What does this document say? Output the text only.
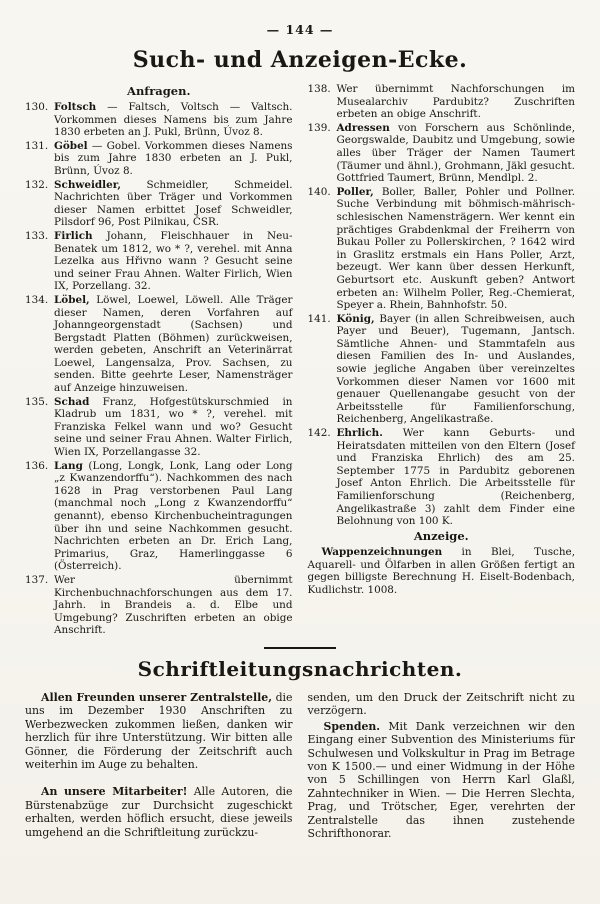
— 144 —
Such- und Anzeigen-Ecke.
Anfragen.
130. Foltsch — Faltsch, Voltsch — Valtsch. Vorkommen dieses Namens bis zum Jahre 1830 erbeten an J. Pukl, Brünn, Úvoz 8.
131. Göbel — Gobel. Vorkommen dieses Namens bis zum Jahre 1830 erbeten an J. Pukl, Brünn, Úvoz 8.
132. Schweidler, Schmeidler, Schmeidel. Nachrichten über Träger und Vorkommen dieser Namen erbittet Josef Schweidler, Pilsdorf 96, Post Pilnikau, ČSR.
133. Firlich Johann, Fleischhauer in Neu-Benatek um 1812, wo * ?, verehel. mit Anna Lezelka aus Hřivno wann ? Gesucht seine und seiner Frau Ahnen. Walter Firlich, Wien IX, Porzellang. 32.
134. Löbel, Löwel, Loewel, Löwell. Alle Träger dieser Namen, deren Vorfahren auf Johanngeorgenstadt (Sachsen) und Bergstadt Platten (Böhmen) zurückweisen, werden gebeten, Anschrift an Veterinärrat Loewel, Langensalza, Prov. Sachsen, zu senden. Bitte geehrte Leser, Namensträger auf Anzeige hinzuweisen.
135. Schad Franz, Hofgestütskurschmied in Kladrub um 1831, wo * ?, verehel. mit Franziska Felkel wann und wo? Gesucht seine und seiner Frau Ahnen. Walter Firlich, Wien IX, Porzellangasse 32.
136. Lang (Long, Longk, Lonk, Lang oder Long „z Kwanzendorffu“). Nachkommen des nach 1628 in Prag verstorbenen Paul Lang (manchmal noch „Long z Kwanzendorffu“ genannt), ebenso Kirchenbucheintragungen über ihn und seine Nachkommen gesucht. Nachrichten erbeten an Dr. Erich Lang, Primarius, Graz, Hamerlinggasse 6 (Österreich).
137. Wer übernimmt Kirchenbuchnachforschungen aus dem 17. Jahrh. in Brandeis a. d. Elbe und Umgebung? Zuschriften erbeten an obige Anschrift.
138. Wer übernimmt Nachforschungen im Musealarchiv Pardubitz? Zuschriften erbeten an obige Anschrift.
139. Adressen von Forschern aus Schönlinde, Georgswalde, Daubitz und Umgebung, sowie alles über Träger der Namen Taumert (Täumer und ähnl.), Grohmann, Jäkl gesucht. Gottfried Taumert, Brünn, Mendlpl. 2.
140. Poller, Boller, Baller, Pohler und Pollner. Suche Verbindung mit böhmisch-mährisch-schlesischen Namensträgern. Wer kennt ein prächtiges Grabdenkmal der Freiherrn von Bukau Poller zu Pollerskirchen, ? 1642 wird in Graslitz erstmals ein Hans Poller, Arzt, bezeugt. Wer kann über dessen Herkunft, Geburtsort etc. Auskunft geben? Antwort erbeten an: Wilhelm Poller, Reg.-Chemierat, Speyer a. Rhein, Bahnhofstr. 50.
141. König, Bayer (in allen Schreibweisen, auch Payer und Beuer), Tugemann, Jantsch. Sämtliche Ahnen- und Stammtafeln aus diesen Familien des In- und Auslandes, sowie jegliche Angaben über vereinzeltes Vorkommen dieser Namen vor 1600 mit genauer Quellenangabe gesucht von der Arbeitsstelle für Familienforschung, Reichenberg, Angelikastraße.
142. Ehrlich. Wer kann Geburts- und Heiratsdaten mitteilen von den Eltern (Josef und Franziska Ehrlich) des am 25. September 1775 in Pardubitz geborenen Josef Anton Ehrlich. Die Arbeitsstelle für Familienforschung (Reichenberg, Angelikastraße 3) zahlt dem Finder eine Belohnung von 100 K.
Anzeige.

Wappenzeichnungen in Blei, Tusche, Aquarell- und Ölfarben in allen Größen fertigt an gegen billigste Berechnung H. Eiselt-Bodenbach, Kudlichstr. 1008.

Schriftleitungsnachrichten.

Allen Freunden unserer Zentralstelle, die uns im Dezember 1930 Anschriften zu Werbezwecken zukommen ließen, danken wir herzlich für ihre Unterstützung. Wir bitten alle Gönner, die Förderung der Zeitschrift auch weiterhin im Auge zu behalten.

An unsere Mitarbeiter! Alle Autoren, die Bürstenabzüge zur Durchsicht zugeschickt erhalten, werden höflich ersucht, diese jeweils umgehend an die Schriftleitung zurückzu-

senden, um den Druck der Zeitschrift nicht zu verzögern.

Spenden. Mit Dank verzeichnen wir den Eingang einer Subvention des Ministeriums für Schulwesen und Volkskultur in Prag im Betrage von K 1500.— und einer Widmung in der Höhe von 5 Schillingen von Herrn Karl Glaßl, Zahntechniker in Wien. — Die Herren Slechta, Prag, und Trötscher, Eger, verehrten der Zentralstelle das ihnen zustehende Schrifthonorar.
